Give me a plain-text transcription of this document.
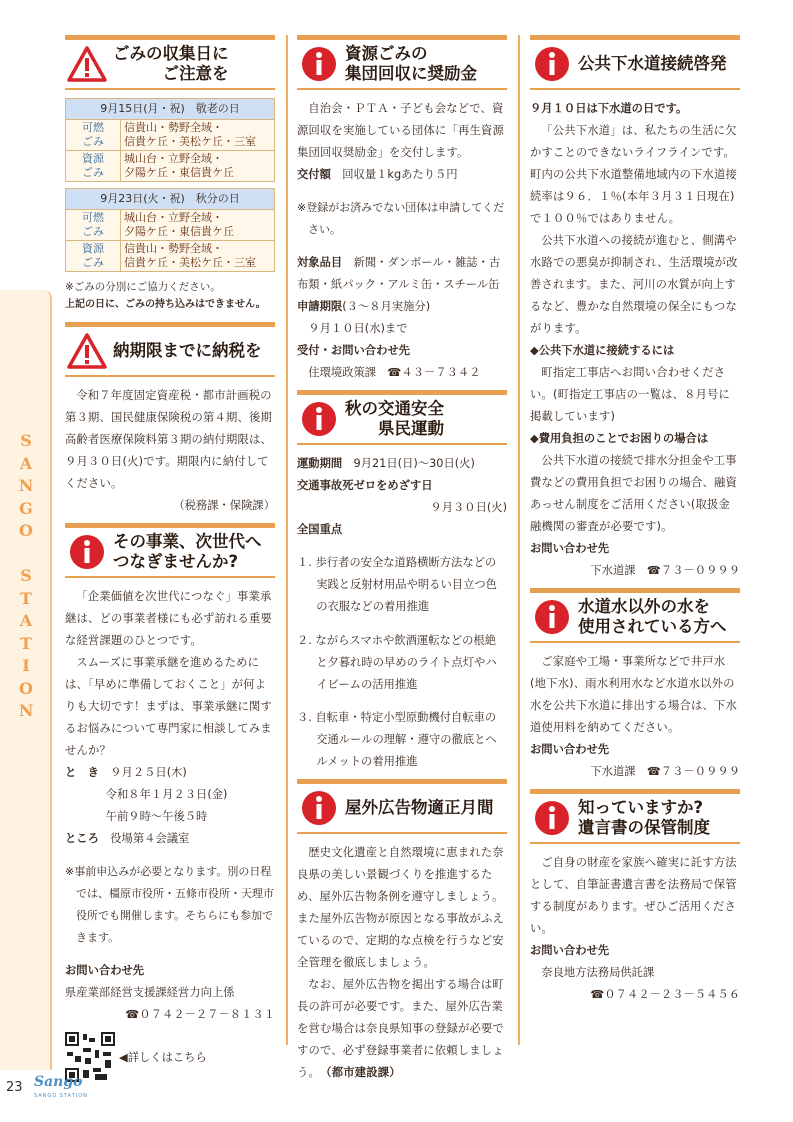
S
A
N
G
O

S
T
A
T
I
O
N
ごみの収集日に
　　　ご注意を
9月15日(月・祝)　敬老の日	
可燃
ごみ	信貴山・勢野全域・
信貴ケ丘・美松ケ丘・三室
資源
ごみ	城山台・立野全域・
夕陽ケ丘・東信貴ケ丘
9月23日(火・祝)　秋分の日	
可燃
ごみ	城山台・立野全域・
夕陽ケ丘・東信貴ケ丘
資源
ごみ	信貴山・勢野全域・
信貴ケ丘・美松ケ丘・三室

※ごみの分別にご協力ください。

上記の日に、ごみの持ち込みはできません。

納期限までに納税を

令和７年度固定資産税・都市計画税の第３期、国民健康保険税の第４期、後期高齢者医療保険料第３期の納付期限は、９月３０日(火)です。期限内に納付してください。

（税務課・保険課）

その事業、次世代へ
つなぎませんか?

「企業価値を次世代につなぐ」事業承継は、どの事業者様にも必ず訪れる重要な経営課題のひとつです。

スムーズに事業承継を進めるためには、「早めに準備しておくこと」が何よりも大切です！まずは、事業承継に関するお悩みについて専門家に相談してみませんか？

と　き　 ９月２５日(木)

令和８年１月２３日(金)

午前９時～午後５時

ところ　 役場第４会議室

※事前申込みが必要となります。別の日程では、橿原市役所・五條市役所・天理市役所でも開催します。そちらにも参加できます。

お問い合わせ先

県産業部経営支援課経営力向上係

☎０７４２－２７－８１３１

◀詳しくはこちら
資源ごみの
集団回収に奨励金

自治会・ＰＴＡ・子ども会などで、資源回収を実施している団体に「再生資源集団回収奨励金」を交付します。

交付額　 回収量１kgあたり５円

※登録がお済みでない団体は申請してください。

対象品目　 新聞・ダンボール・雑誌・古布類・紙パック・アルミ缶・スチール缶

申請期限(３～８月実施分)

９月１０日(水)まで

受付・お問い合わせ先

住環境政策課　☎４３－７３４２

秋の交通安全
　　県民運動

運動期間　 9月21日(日)～30日(火)

交通事故死ゼロをめざす日

９月３０日(火)

全国重点

１. 歩行者の安全な道路横断方法などの実践と反射材用品や明るい目立つ色の衣服などの着用推進

２. ながらスマホや飲酒運転などの根絶と夕暮れ時の早めのライト点灯やハイビームの活用推進

３. 自転車・特定小型原動機付自転車の交通ルールの理解・遵守の徹底とヘルメットの着用推進

屋外広告物適正月間

歴史文化遺産と自然環境に恵まれた奈良県の美しい景観づくりを推進するため、屋外広告物条例を遵守しましょう。また屋外広告物が原因となる事故がふえているので、定期的な点検を行うなど安全管理を徹底しましょう。

なお、屋外広告物を掲出する場合は町長の許可が必要です。また、屋外広告業を営む場合は奈良県知事の登録が必要ですので、必ず登録事業者に依頼しましょう。　 （都市建設課）

公共下水道接続啓発

９月１０日は下水道の日です。

「公共下水道」は、私たちの生活に欠かすことのできないライフラインです。町内の公共下水道整備地域内の下水道接続率は９６．１％(本年３月３１日現在)で１００％ではありません。

公共下水道への接続が進むと、側溝や水路での悪臭が抑制され、生活環境が改善されます。また、河川の水質が向上するなど、豊かな自然環境の保全にもつながります。

◆公共下水道に接続するには

町指定工事店へお問い合わせください。(町指定工事店の一覧は、８月号に掲載しています)

◆費用負担のことでお困りの場合は

公共下水道の接続で排水分担金や工事費などの費用負担でお困りの場合、融資あっせん制度をご活用ください(取扱金融機関の審査が必要です)。

お問い合わせ先

下水道課　☎７３－０９９９

水道水以外の水を
使用されている方へ

ご家庭や工場・事業所などで井戸水(地下水)、雨水利用水など水道水以外の水を公共下水道に排出する場合は、下水道使用料を納めてください。

お問い合わせ先

下水道課　☎７３－０９９９

知っていますか?
遺言書の保管制度

ご自身の財産を家族へ確実に託す方法として、自筆証書遺言書を法務局で保管する制度があります。ぜひご活用ください。

お問い合わせ先

奈良地方法務局供託課

☎０７４２－２３－５４５６

23 Sango
SANGO STATION
